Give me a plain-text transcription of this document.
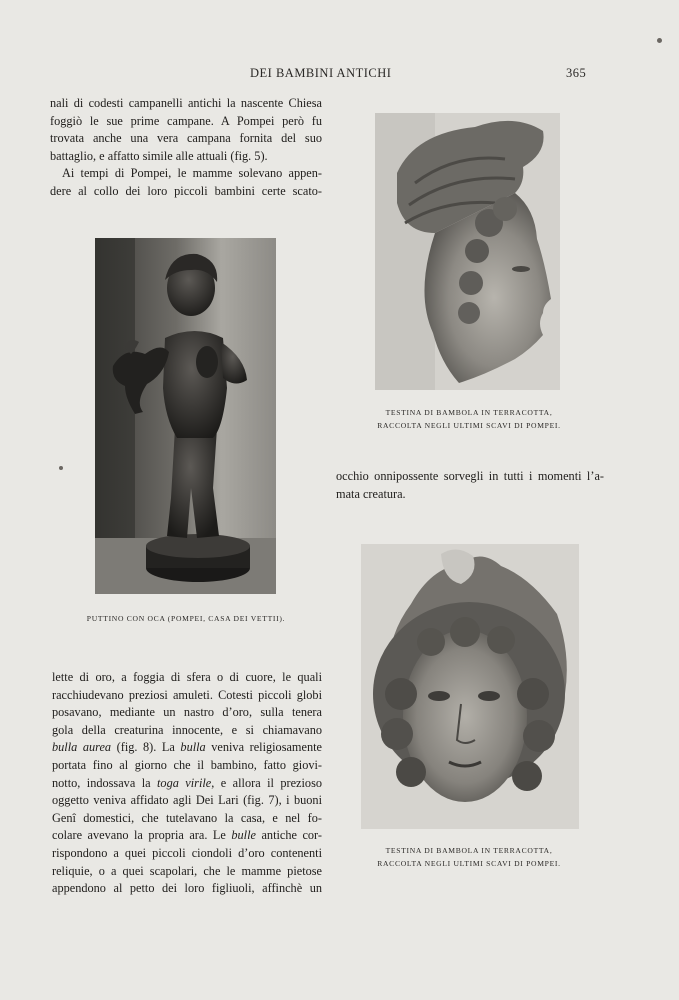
DEI BAMBINI ANTICHI	365
nali di codesti campanelli antichi la nascente Chiesa
foggiò le sue prime campane. A Pompei però fu
trovata anche una vera campana fornita del suo
battaglio, e affatto simile alle attuali (fig. 5).
Ai tempi di Pompei, le mamme solevano appen-
dere al collo dei loro piccoli bambini certe scato-
occhio onnipossente sorvegli in tutti i momenti l’a-
mata creatura.
lette di oro, a foggia di sfera o di cuore, le quali
racchiudevano preziosi amuleti. Cotesti piccoli globi
posavano, mediante un nastro d’oro, sulla tenera
gola della creaturina innocente, e si chiamavano
bulla aurea (fig. 8). La bulla veniva religiosamente
portata fino al giorno che il bambino, fatto giovi-
notto, indossava la toga virile, e allora il prezioso
oggetto veniva affidato agli Dei Lari (fig. 7), i buoni
Genî domestici, che tutelavano la casa, e nel fo-
colare avevano la propria ara. Le bulle antiche cor-
rispondono a quei piccoli ciondoli d’oro contenenti
reliquie, o a quei scapolari, che le mamme pietose
appendono al petto dei loro figliuoli, affinchè un
PUTTINO CON OCA (POMPEI, CASA DEI VETTII).
TESTINA DI BAMBOLA IN TERRACOTTA,
RACCOLTA NEGLI ULTIMI SCAVI DI POMPEI.
TESTINA DI BAMBOLA IN TERRACOTTA,
RACCOLTA NEGLI ULTIMI SCAVI DI POMPEI.
